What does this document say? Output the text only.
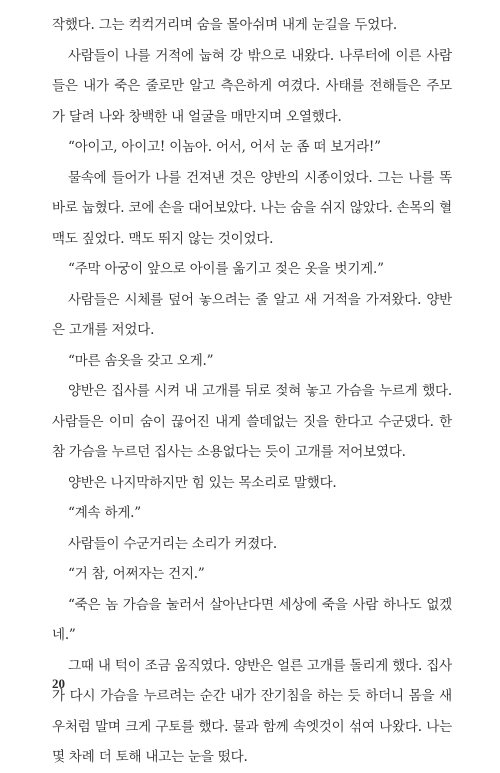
작했다. 그는 컥컥거리며 숨을 몰아쉬며 내게 눈길을 두었다.

사람들이 나를 거적에 눕혀 강 밖으로 내왔다. 나루터에 이른 사람들은 내가 죽은 줄로만 알고 측은하게 여겼다. 사태를 전해들은 주모가 달려 나와 창백한 내 얼굴을 매만지며 오열했다.

“아이고, 아이고! 이놈아. 어서, 어서 눈 좀 떠 보거라!”

물속에 들어가 나를 건져낸 것은 양반의 시종이었다. 그는 나를 똑바로 눕혔다. 코에 손을 대어보았다. 나는 숨을 쉬지 않았다. 손목의 혈맥도 짚었다. 맥도 뛰지 않는 것이었다.

“주막 아궁이 앞으로 아이를 옮기고 젖은 옷을 벗기게.”

사람들은 시체를 덮어 놓으려는 줄 알고 새 거적을 가져왔다. 양반은 고개를 저었다.

“마른 솜옷을 갖고 오게.”

양반은 집사를 시켜 내 고개를 뒤로 젖혀 놓고 가슴을 누르게 했다. 사람들은 이미 숨이 끊어진 내게 쓸데없는 짓을 한다고 수군댔다. 한참 가슴을 누르던 집사는 소용없다는 듯이 고개를 저어보였다.

양반은 나지막하지만 힘 있는 목소리로 말했다.

“계속 하게.”

사람들이 수군거리는 소리가 커졌다.

“거 참, 어쩌자는 건지.”

“죽은 놈 가슴을 눌러서 살아난다면 세상에 죽을 사람 하나도 없겠네.”

그때 내 턱이 조금 움직였다. 양반은 얼른 고개를 돌리게 했다. 집사가 다시 가슴을 누르려는 순간 내가 잔기침을 하는 듯 하더니 몸을 새우처럼 말며 크게 구토를 했다. 물과 함께 속엣것이 섞여 나왔다. 나는 몇 차례 더 토해 내고는 눈을 떴다.

20
